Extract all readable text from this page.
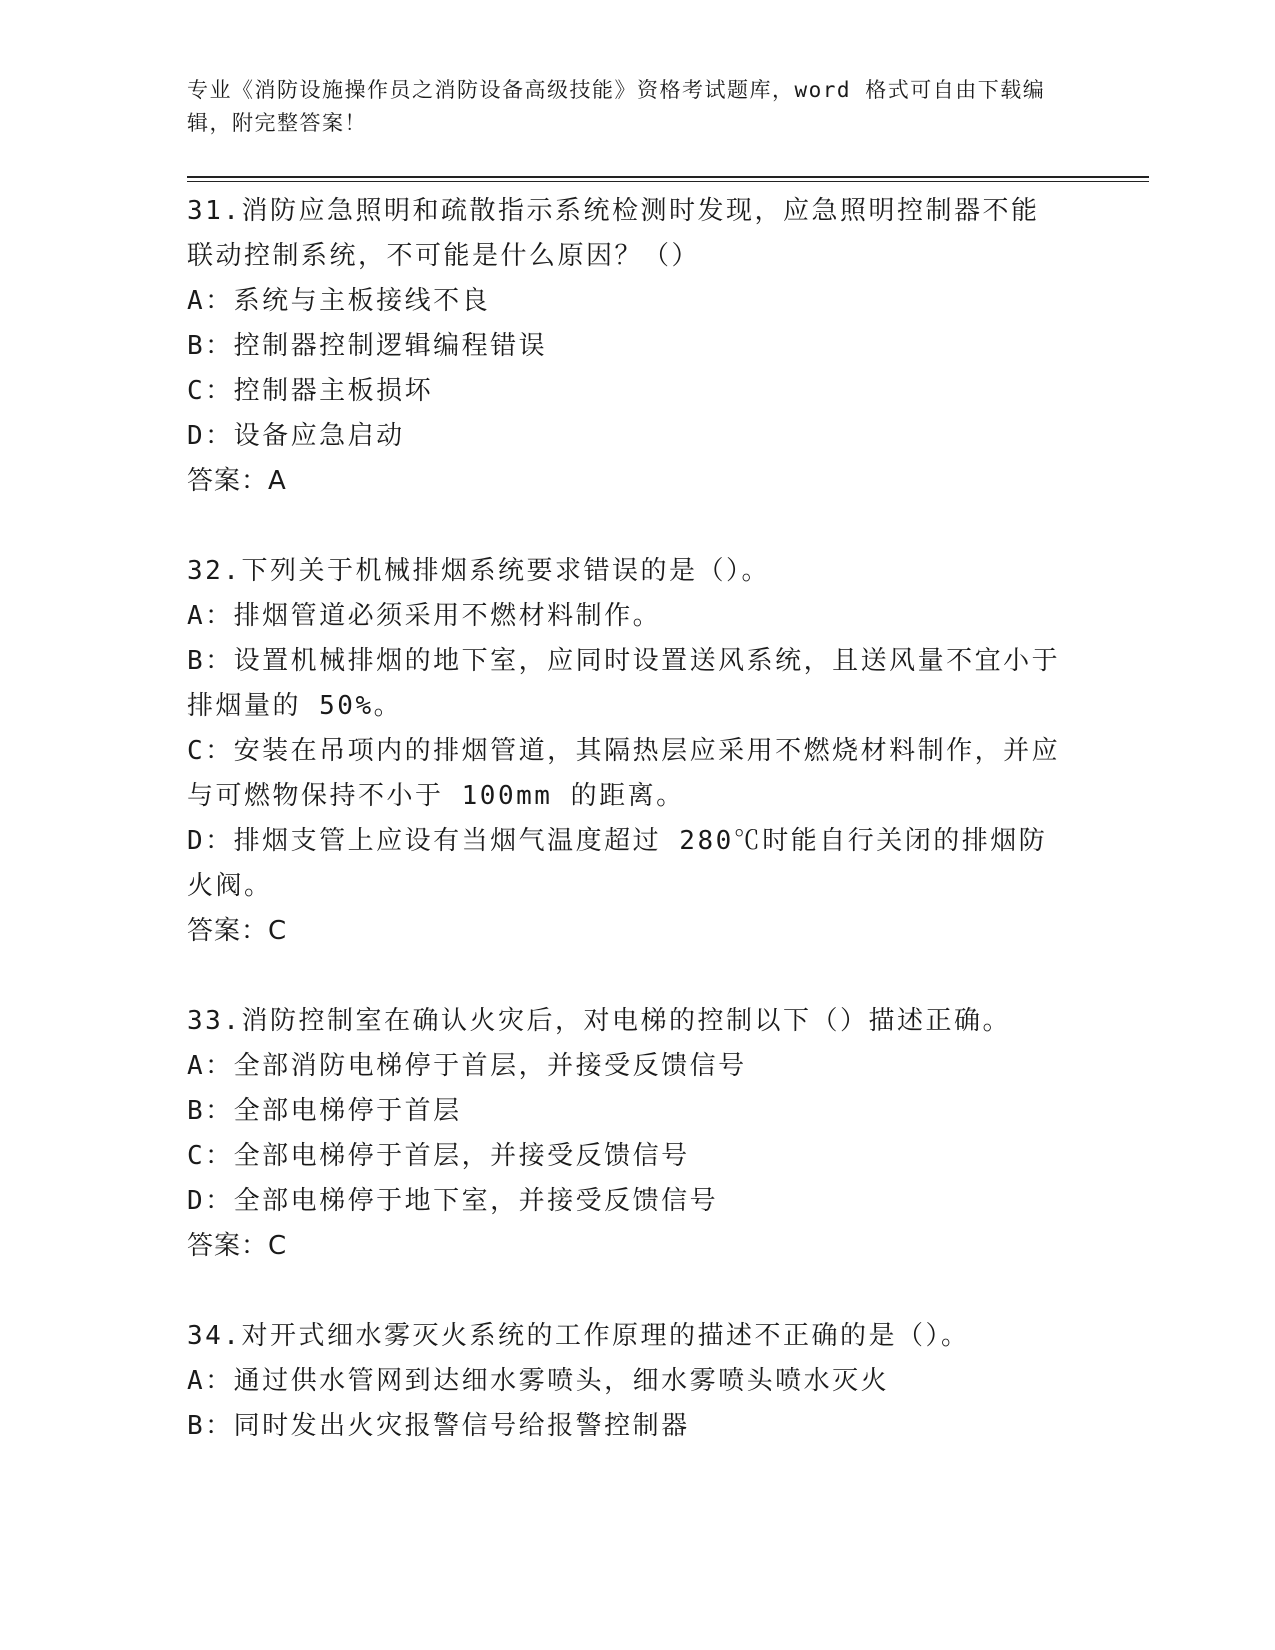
专业《消防设施操作员之消防设备高级技能》资格考试题库，word 格式可自由下载编辑，附完整答案！

31.消防应急照明和疏散指示系统检测时发现，应急照明控制器不能联动控制系统，不可能是什么原因？（）

A：系统与主板接线不良

B：控制器控制逻辑编程错误

C：控制器主板损坏

D：设备应急启动

答案：A

32.下列关于机械排烟系统要求错误的是（）。

A：排烟管道必须采用不燃材料制作。

B：设置机械排烟的地下室，应同时设置送风系统，且送风量不宜小于排烟量的 50%。

C：安装在吊项内的排烟管道，其隔热层应采用不燃烧材料制作，并应与可燃物保持不小于 100mm 的距离。

D：排烟支管上应设有当烟气温度超过 280℃时能自行关闭的排烟防火阀。

答案：C

33.消防控制室在确认火灾后，对电梯的控制以下（）描述正确。

A：全部消防电梯停于首层，并接受反馈信号

B：全部电梯停于首层

C：全部电梯停于首层，并接受反馈信号

D：全部电梯停于地下室，并接受反馈信号

答案：C

34.对开式细水雾灭火系统的工作原理的描述不正确的是（）。

A：通过供水管网到达细水雾喷头，细水雾喷头喷水灭火

B：同时发出火灾报警信号给报警控制器
